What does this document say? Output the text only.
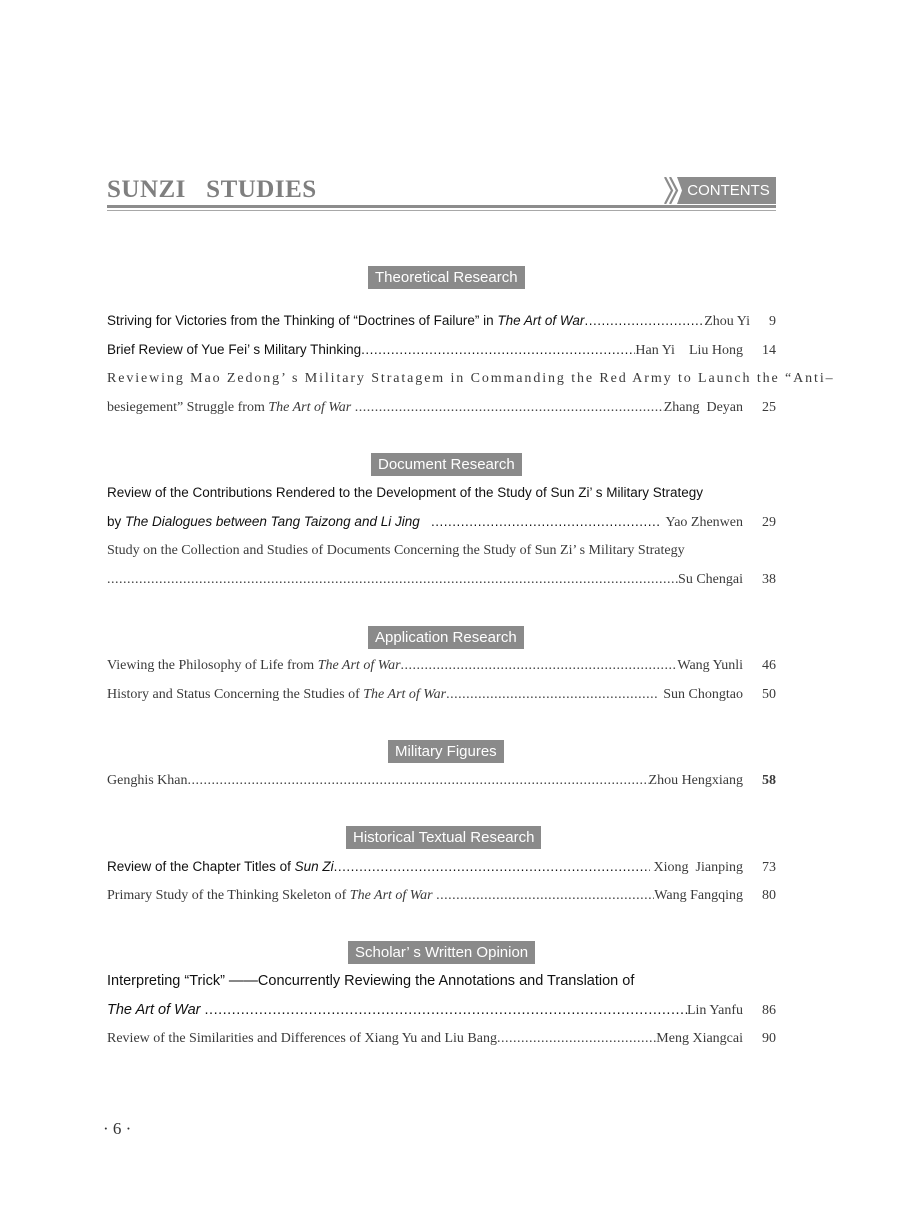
SUNZI   STUDIES	CONTENTS
Theoretical Research
Striving for Victories from the Thinking of “Doctrines of Failure” in The Art of War .....	Zhou Yi	9
Brief Review of Yue Fei’ s Military Thinking .....	Han Yi    Liu Hong	14
Reviewing Mao Zedong’ s Military Stratagem in Commanding the Red Army to Launch the “Anti–
besiegement” Struggle from The Art of War .....	Zhang  Deyan	25
Document Research
Review of the Contributions Rendered to the Development of the Study of Sun Zi’ s Military Strategy
by The Dialogues between Tang Taizong and Li Jing .....	Yao Zhenwen	29
Study on the Collection and Studies of Documents Concerning the Study of Sun Zi’ s Military Strategy
.....
Su Chengai	38
Application Research
Viewing the Philosophy of Life from The Art of War .....	Wang Yunli	46
History and Status Concerning the Studies of The Art of War .....	Sun Chongtao	50
Military Figures
Genghis Khan .....	Zhou Hengxiang	58
Historical Textual Research
Review of the Chapter Titles of Sun Zi .....	Xiong  Jianping	73
Primary Study of the Thinking Skeleton of The Art of War .....	Wang Fangqing	80
Scholar’ s Written Opinion
Interpreting “Trick” ——Concurrently Reviewing the Annotations and Translation of
The Art of War .....	Lin Yanfu	86
Review of the Similarities and Differences of Xiang Yu and Liu Bang .....	Meng Xiangcai	90
· 6 ·
